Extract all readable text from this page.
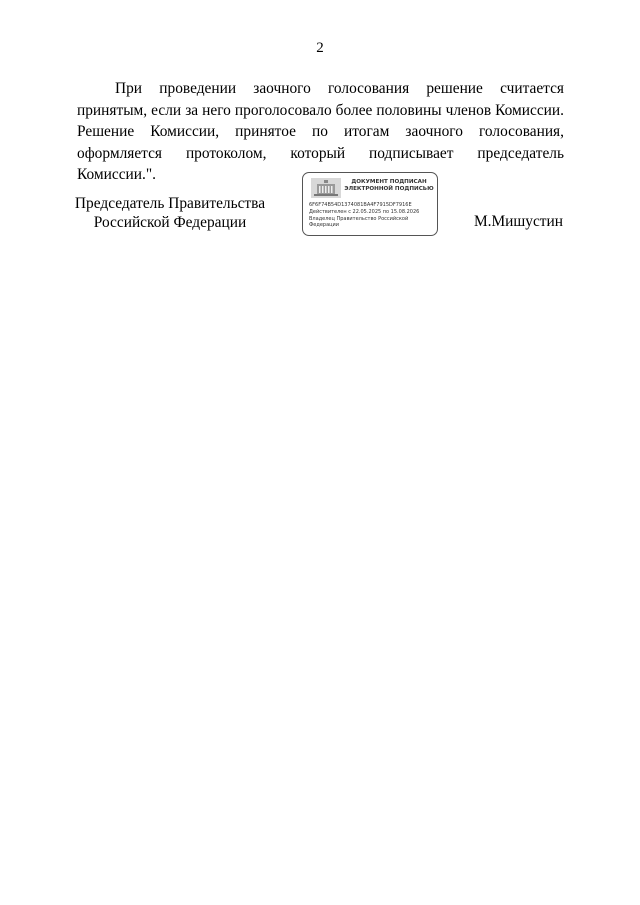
2

При проведении заочного голосования решение считается принятым, если за него проголосовало более половины членов Комиссии. Решение Комиссии, принятое по итогам заочного голосования, оформляется протоколом, который подписывает председатель Комиссии.".

Председатель Правительства
Российской Федерации
ДОКУМЕНТ ПОДПИСАН
ЭЛЕКТРОННОЙ ПОДПИСЬЮ
6F6F74B54D1374081BA4F7915DF7916E
Действителен с 22.05.2025 по 15.08.2026
Владелец Правительство Российской Федерации	М.Мишустин
